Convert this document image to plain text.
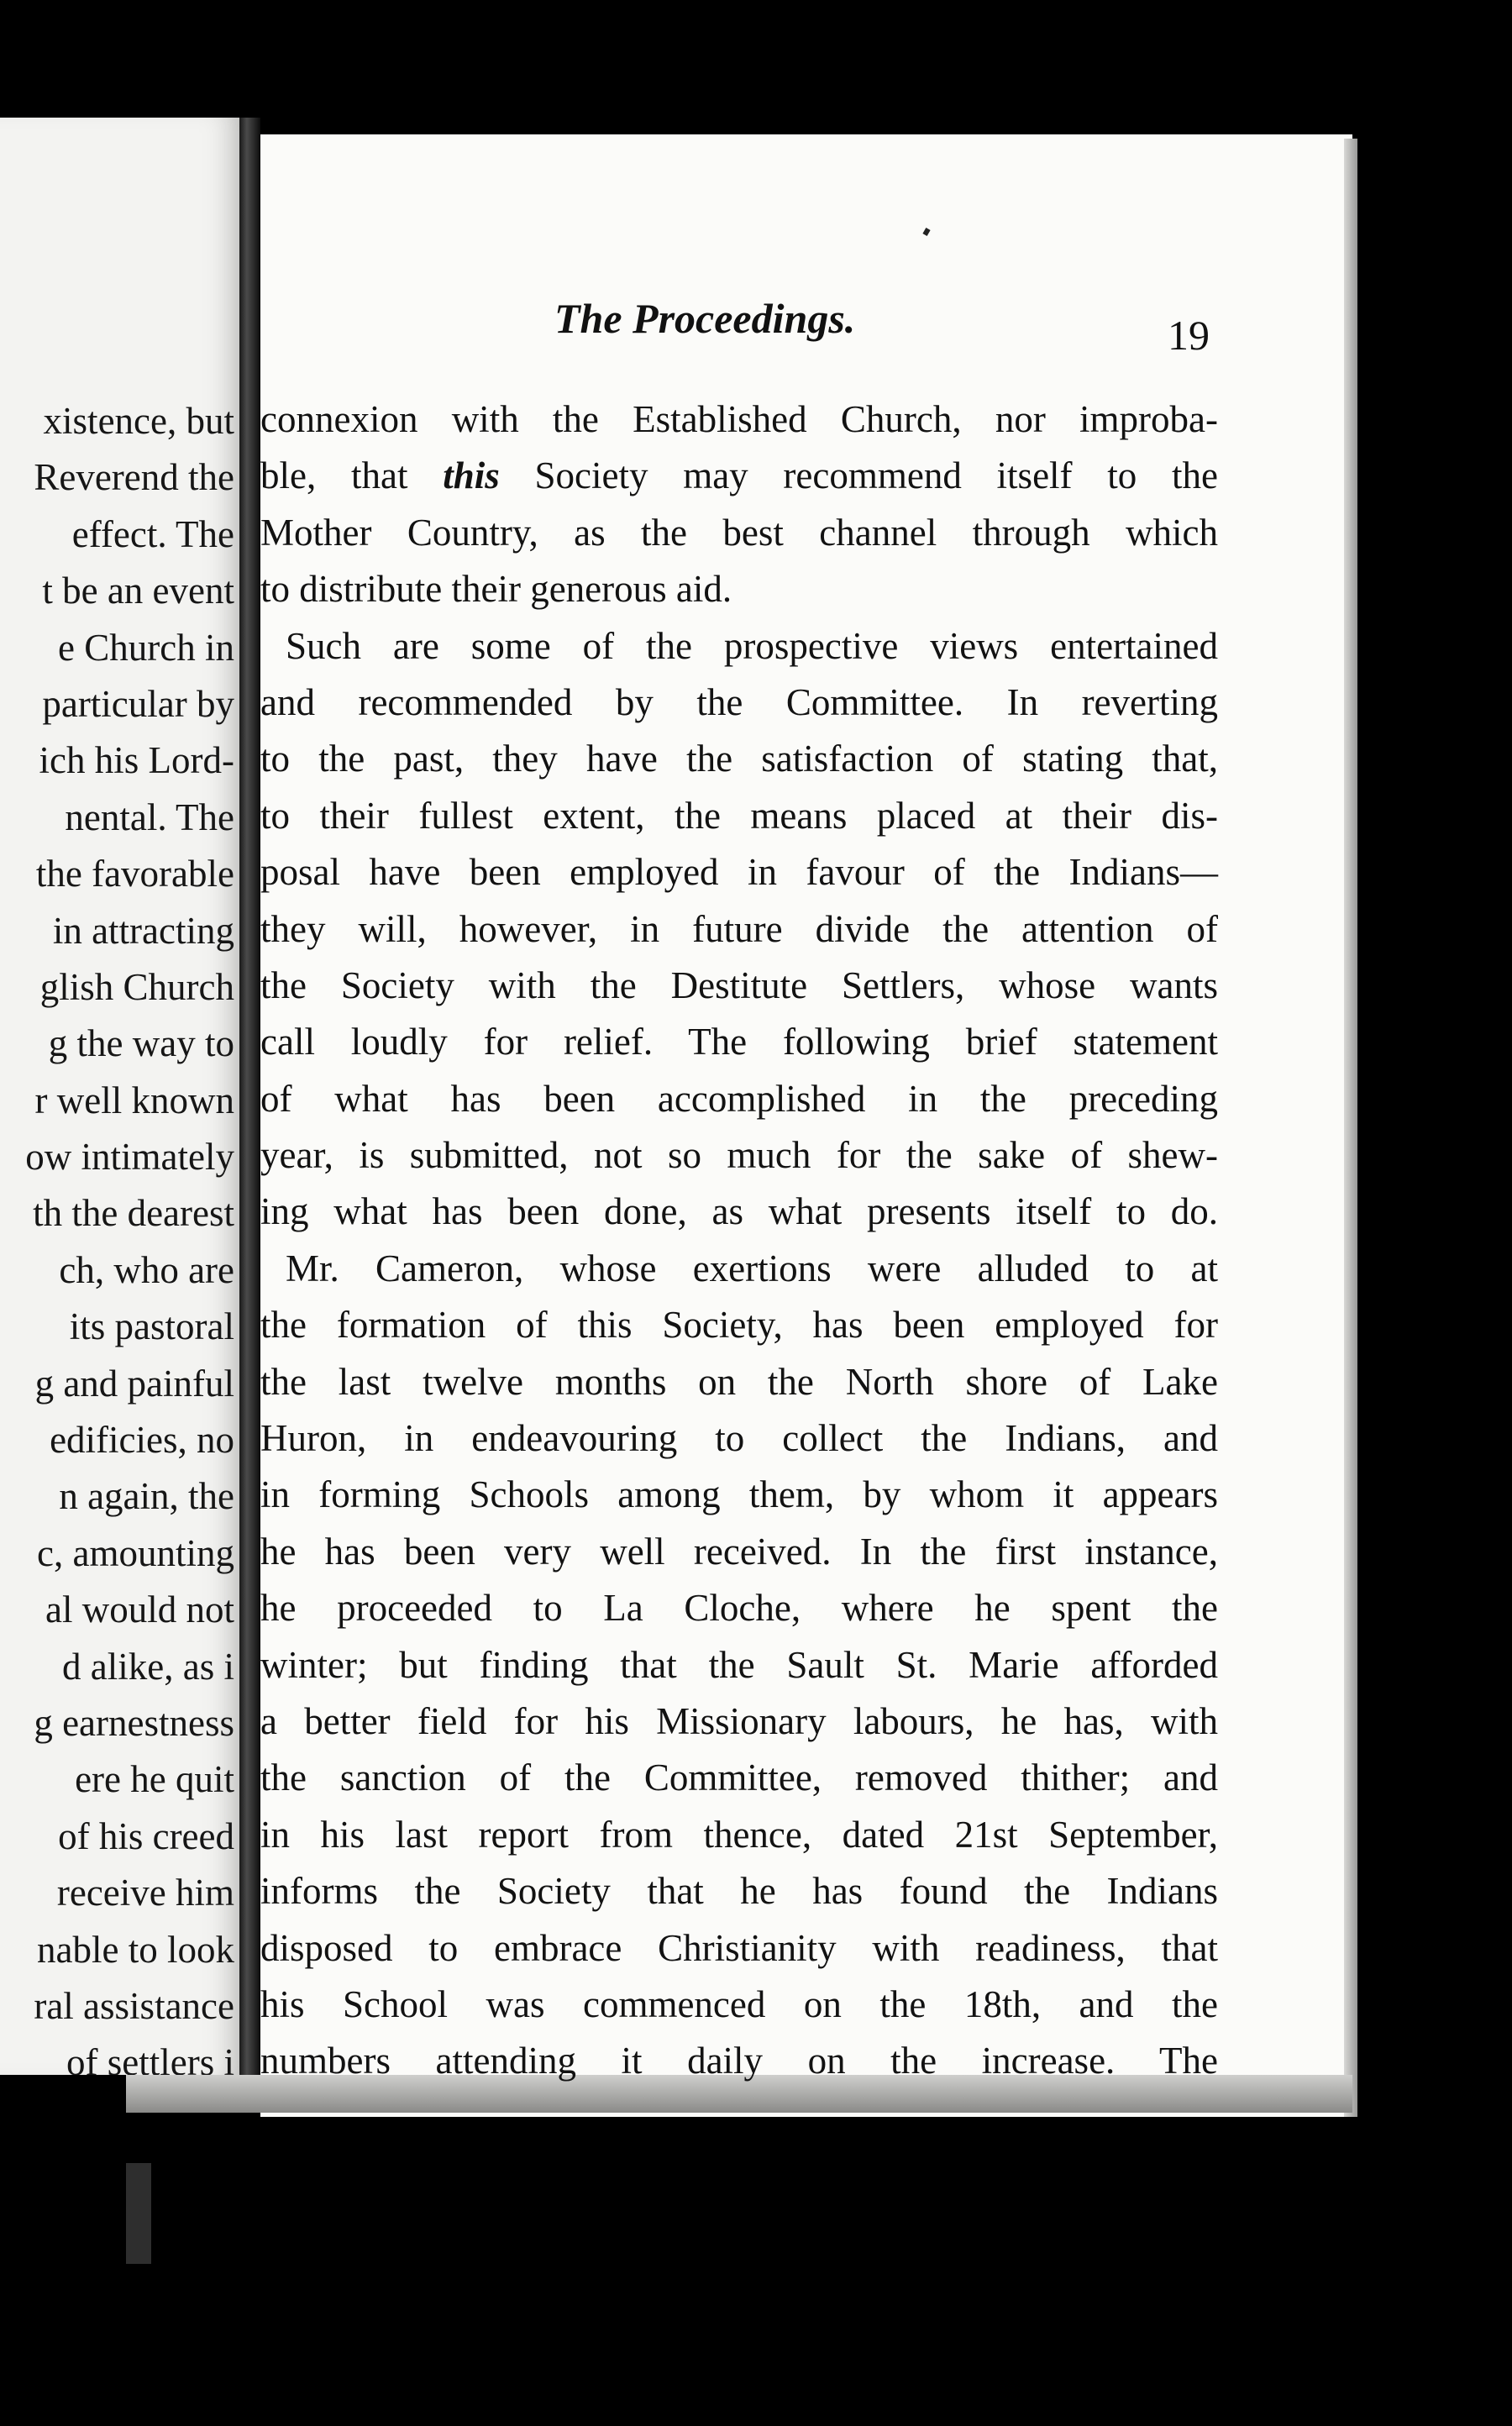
xistence, but
Reverend the
effect. The
t be an event
e Church in
particular by
ich his Lord-
nental. The
the favorable
in attracting
glish Church
g the way to
r well known
ow intimately
th the dearest
ch, who are
its pastoral
g and painful
edificies, no
n again, the
c, amounting
al would not
d alike, as i
g earnestness
ere he quit
of his creed
receive him
nable to look
ral assistance
of settlers i
The Proceedings.	19
connexion with the Established Church, nor improba-
ble, that this Society may recommend itself to the
Mother Country, as the best channel through which
to distribute their generous aid.
Such are some of the prospective views entertained
and recommended by the Committee. In reverting
to the past, they have the satisfaction of stating that,
to their fullest extent, the means placed at their dis-
posal have been employed in favour of the Indians—
they will, however, in future divide the attention of
the Society with the Destitute Settlers, whose wants
call loudly for relief. The following brief statement
of what has been accomplished in the preceding
year, is submitted, not so much for the sake of shew-
ing what has been done, as what presents itself to do.
Mr. Cameron, whose exertions were alluded to at
the formation of this Society, has been employed for
the last twelve months on the North shore of Lake
Huron, in endeavouring to collect the Indians, and
in forming Schools among them, by whom it appears
he has been very well received. In the first instance,
he proceeded to La Cloche, where he spent the
winter; but finding that the Sault St. Marie afforded
a better field for his Missionary labours, he has, with
the sanction of the Committee, removed thither; and
in his last report from thence, dated 21st September,
informs the Society that he has found the Indians
disposed to embrace Christianity with readiness, that
his School was commenced on the 18th, and the
numbers attending it daily on the increase. The
